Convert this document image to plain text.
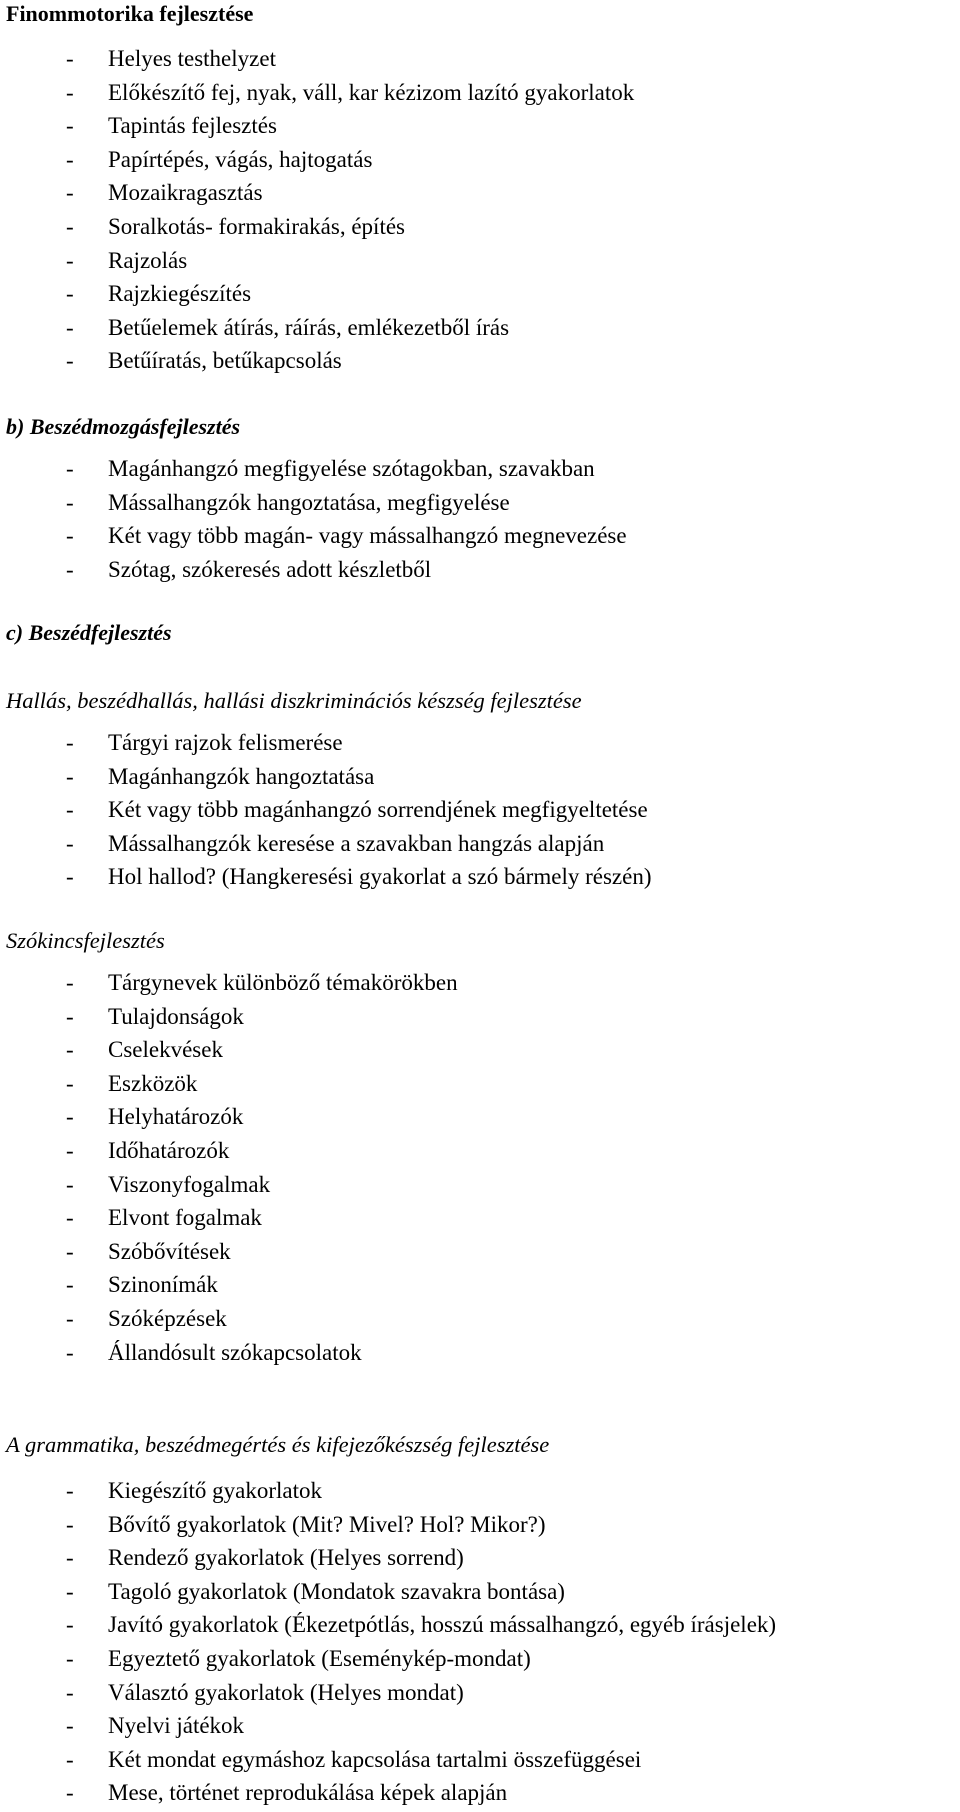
Finommotorika fejlesztése
- Helyes testhelyzet
- Előkészítő fej, nyak, váll, kar kézizom lazító gyakorlatok
- Tapintás fejlesztés
- Papírtépés, vágás, hajtogatás
- Mozaikragasztás
- Soralkotás- formakirakás, építés
- Rajzolás
- Rajzkiegészítés
- Betűelemek átírás, ráírás, emlékezetből írás
- Betűíratás, betűkapcsolás
b) Beszédmozgásfejlesztés
- Magánhangzó megfigyelése szótagokban, szavakban
- Mássalhangzók hangoztatása, megfigyelése
- Két vagy több magán- vagy mássalhangzó megnevezése
- Szótag, szókeresés adott készletből
c) Beszédfejlesztés
Hallás, beszédhallás, hallási diszkriminációs készség fejlesztése
- Tárgyi rajzok felismerése
- Magánhangzók hangoztatása
- Két vagy több magánhangzó sorrendjének megfigyeltetése
- Mássalhangzók keresése a szavakban hangzás alapján
- Hol hallod? (Hangkeresési gyakorlat a szó bármely részén)
Szókincsfejlesztés
- Tárgynevek különböző témakörökben
- Tulajdonságok
- Cselekvések
- Eszközök
- Helyhatározók
- Időhatározók
- Viszonyfogalmak
- Elvont fogalmak
- Szóbővítések
- Szinonímák
- Szóképzések
- Állandósult szókapcsolatok
A grammatika, beszédmegértés és kifejezőkészség fejlesztése
- Kiegészítő gyakorlatok
- Bővítő gyakorlatok (Mit? Mivel? Hol? Mikor?)
- Rendező gyakorlatok (Helyes sorrend)
- Tagoló gyakorlatok (Mondatok szavakra bontása)
- Javító gyakorlatok (Ékezetpótlás, hosszú mássalhangzó, egyéb írásjelek)
- Egyeztető gyakorlatok (Eseménykép-mondat)
- Választó gyakorlatok (Helyes mondat)
- Nyelvi játékok
- Két mondat egymáshoz kapcsolása tartalmi összefüggései
- Mese, történet reprodukálása képek alapján
